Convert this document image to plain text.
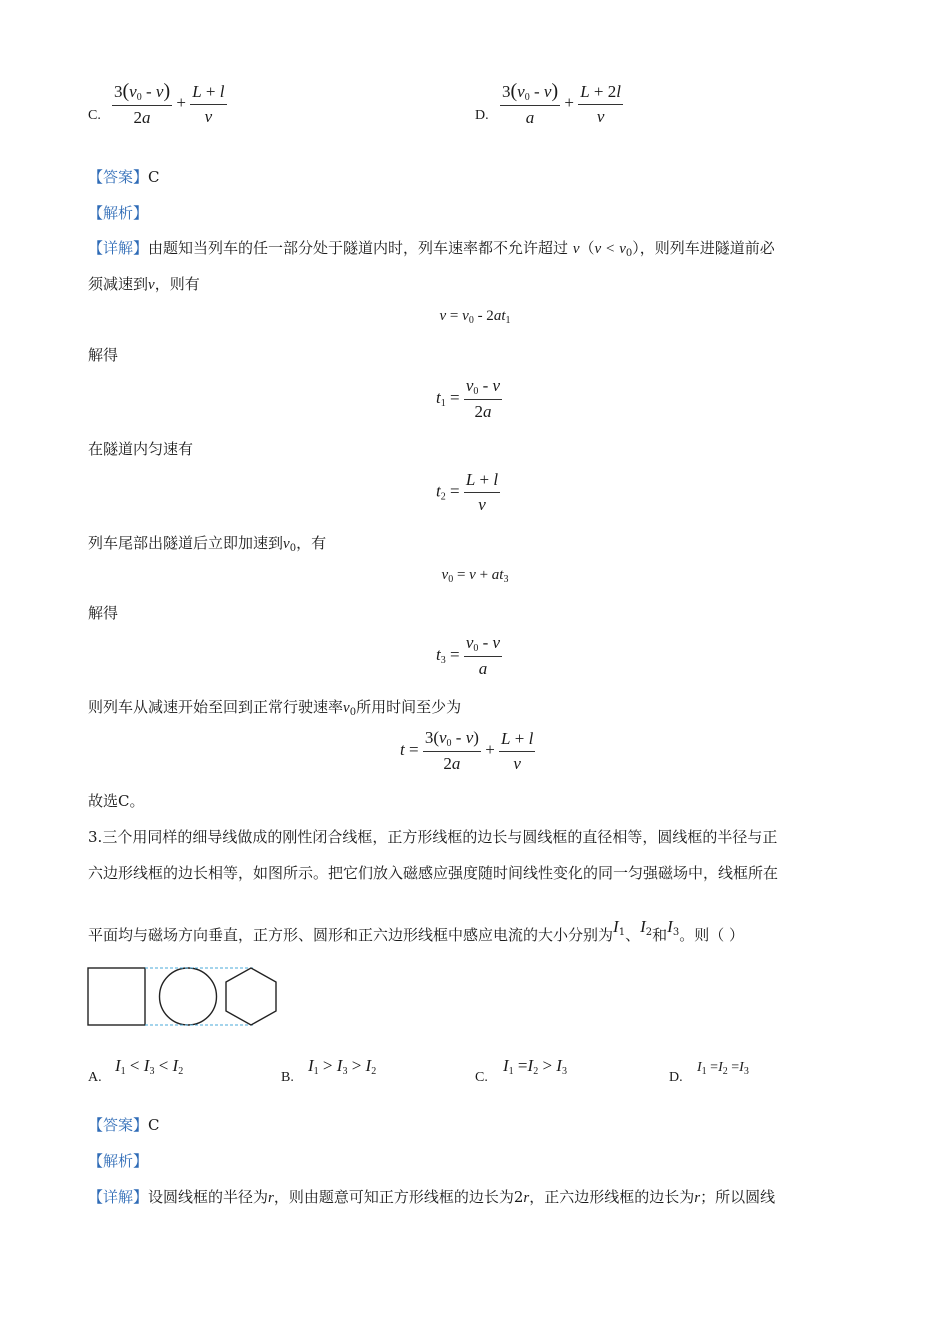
C. $\frac{3(v_0 - v)}{2a} + \frac{L + l}{v}$	D. $\frac{3(v_0 - v)}{a} + \frac{L + 2l}{v}$
【答案】C
【解析】
【详解】由题知当列车的任一部分处于隧道内时，列车速率都不允许超过 $v(v < v_0)$，则列车进隧道前必
须减速到v，则有
$v = v_0 - 2at_1$
解得
$t_1 = \frac{v_0 - v}{2a}$
在隧道内匀速有
$t_2 = \frac{L + l}{v}$
列车尾部出隧道后立即加速到$v_0$，有
$v_0 = v + at_3$
解得
$t_3 = \frac{v_0 - v}{a}$
则列车从减速开始至回到正常行驶速率$v_0$所用时间至少为
$t = \frac{3(v_0 - v)}{2a} + \frac{L + l}{v}$
故选C。
3.三个用同样的细导线做成的刚性闭合线框，正方形线框的边长与圆线框的直径相等，圆线框的半径与正
六边形线框的边长相等，如图所示。把它们放入磁感应强度随时间线性变化的同一匀强磁场中，线框所在
平面均与磁场方向垂直，正方形、圆形和正六边形线框中感应电流的大小分别为$I^1$、$I^2$和$I^3$。则（ ）
A.
$I_1 < I_3 < I_2$	B.
$I_1 > I_3 > I_2$	C.
$I_1 =I_2 > I_3$	D.
$I_1 =I_2 =I_3$
【答案】C
【解析】
【详解】设圆线框的半径为r，则由题意可知正方形线框的边长为2r，正六边形线框的边长为r；所以圆线
